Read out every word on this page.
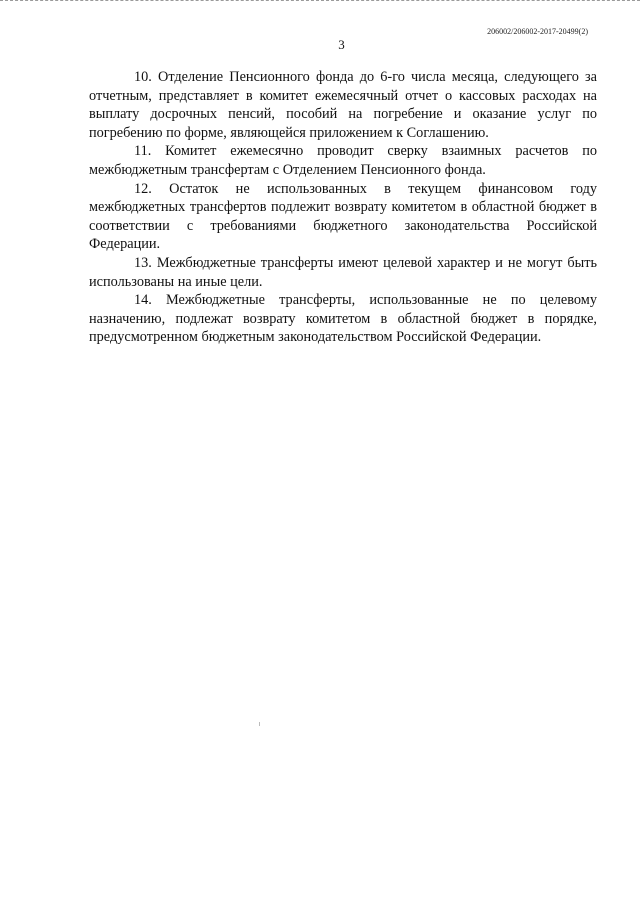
206002/206002-2017-20499(2)
3

10. Отделение Пенсионного фонда до 6-го числа месяца, следующего за отчетным, представляет в комитет ежемесячный отчет о кассовых расходах на выплату досрочных пенсий, пособий на погребение и оказание услуг по погребению по форме, являющейся приложением к Соглашению.

11. Комитет ежемесячно проводит сверку взаимных расчетов по межбюджетным трансфертам с Отделением Пенсионного фонда.

12. Остаток не использованных в текущем финансовом году межбюджетных трансфертов подлежит возврату комитетом в областной бюджет в соответствии с требованиями бюджетного законодательства Российской Федерации.

13. Межбюджетные трансферты имеют целевой характер и не могут быть использованы на иные цели.

14. Межбюджетные трансферты, использованные не по целевому назначению, подлежат возврату комитетом в областной бюджет в порядке, предусмотренном бюджетным законодательством Российской Федерации.
